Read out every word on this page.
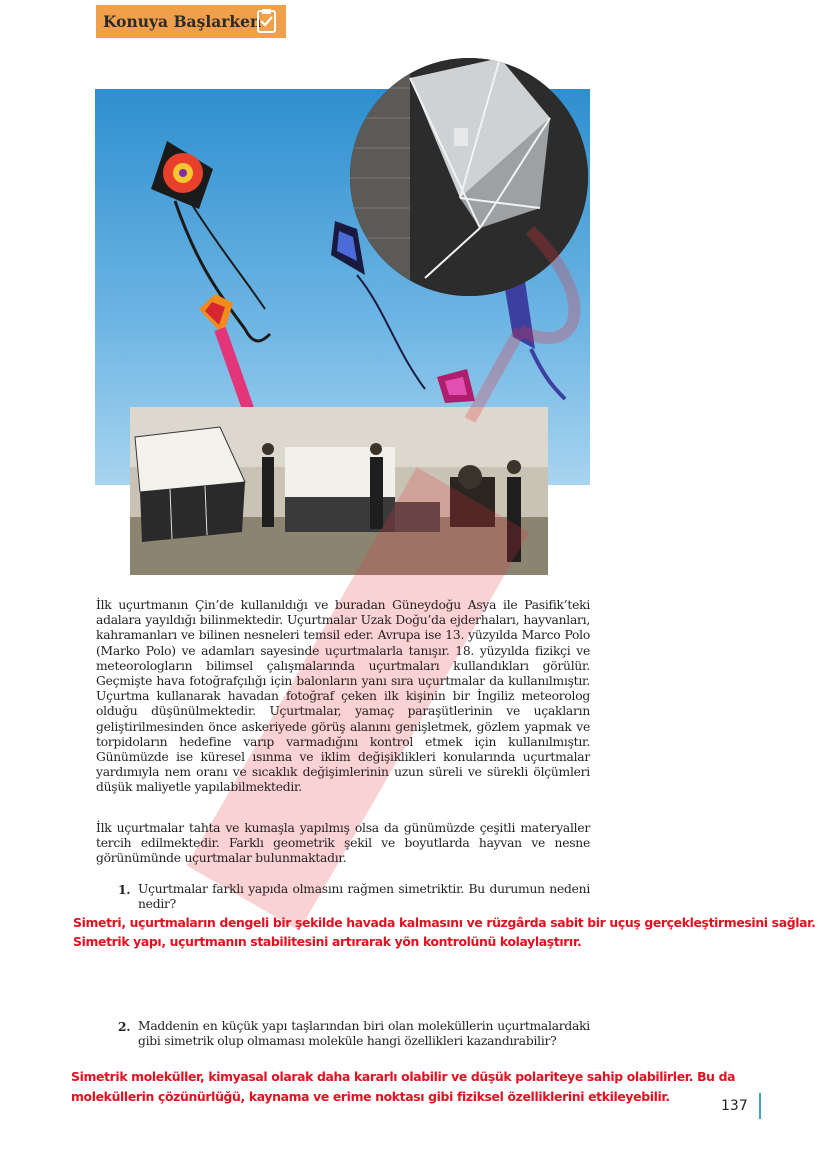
Konuya Başlarken

İlk uçurtmanın Çin’de kullanıldığı ve buradan Güneydoğu Asya ile Pasifik’teki adalara yayıldığı bilinmektedir. Uçurtmalar Uzak Doğu’da ejderhaları, hayvanları, kahramanları ve bilinen nesneleri temsil eder. Avrupa ise 13. yüzyılda Marco Polo (Marko Polo) ve adamları sayesinde uçurtmalarla tanışır. 18. yüzyılda fizikçi ve meteorologların bilimsel çalışmalarında uçurtmaları kullandıkları görülür. Geçmişte hava fotoğrafçılığı için balonların yanı sıra uçurtmalar da kullanılmıştır. Uçurtma kullanarak havadan fotoğraf çeken ilk kişinin bir İngiliz meteorolog olduğu düşünülmektedir. Uçurtmalar, yamaç paraşütlerinin ve uçakların geliştirilmesinden önce askeriyede görüş alanını genişletmek, gözlem yapmak ve torpidoların hedefine varıp varmadığını kontrol etmek için kullanılmıştır. Günümüzde ise küresel ısınma ve iklim değişiklikleri konularında uçurtmalar yardımıyla nem oranı ve sıcaklık değişimlerinin uzun süreli ve sürekli ölçümleri düşük maliyetle yapılabilmektedir.

İlk uçurtmalar tahta ve kumaşla yapılmış olsa da günümüzde çeşitli materyaller tercih edilmektedir. Farklı geometrik şekil ve boyutlarda hayvan ve nesne görünümünde uçurtmalar bulunmaktadır.

1. Uçurtmalar farklı yapıda olmasını rağmen simetriktir. Bu durumun nedeni nedir?
Simetri, uçurtmaların dengeli bir şekilde havada kalmasını ve rüzgârda sabit bir uçuş gerçekleştirmesini sağlar.
Simetrik yapı, uçurtmanın stabilitesini artırarak yön kontrolünü kolaylaştırır.
2. Maddenin en küçük yapı taşlarından biri olan moleküllerin uçurtmalardaki gibi simetrik olup olmaması moleküle hangi özellikleri kazandırabilir?
Simetrik moleküller, kimyasal olarak daha kararlı olabilir ve düşük polariteye sahip olabilirler. Bu da
moleküllerin çözünürlüğü, kaynama ve erime noktası gibi fiziksel özelliklerini etkileyebilir.
137
